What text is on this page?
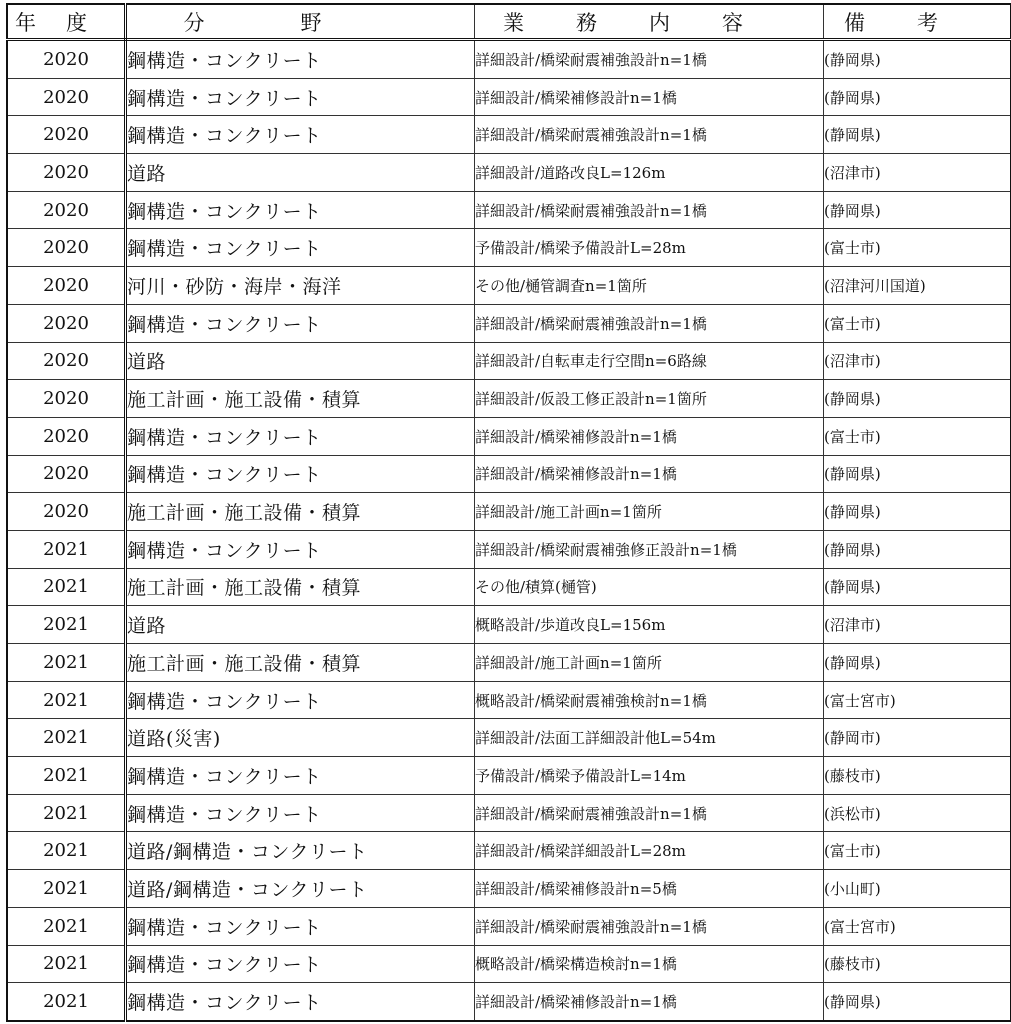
年度	分野	業務内容	備考
2020	鋼構造・コンクリート	詳細設計/橋梁耐震補強設計n=1橋	(静岡県)
2020	鋼構造・コンクリート	詳細設計/橋梁補修設計n=1橋	(静岡県)
2020	鋼構造・コンクリート	詳細設計/橋梁耐震補強設計n=1橋	(静岡県)
2020	道路	詳細設計/道路改良L=126m	(沼津市)
2020	鋼構造・コンクリート	詳細設計/橋梁耐震補強設計n=1橋	(静岡県)
2020	鋼構造・コンクリート	予備設計/橋梁予備設計L=28m	(富士市)
2020	河川・砂防・海岸・海洋	その他/樋管調査n=1箇所	(沼津河川国道)
2020	鋼構造・コンクリート	詳細設計/橋梁耐震補強設計n=1橋	(富士市)
2020	道路	詳細設計/自転車走行空間n=6路線	(沼津市)
2020	施工計画・施工設備・積算	詳細設計/仮設工修正設計n=1箇所	(静岡県)
2020	鋼構造・コンクリート	詳細設計/橋梁補修設計n=1橋	(富士市)
2020	鋼構造・コンクリート	詳細設計/橋梁補修設計n=1橋	(静岡県)
2020	施工計画・施工設備・積算	詳細設計/施工計画n=1箇所	(静岡県)
2021	鋼構造・コンクリート	詳細設計/橋梁耐震補強修正設計n=1橋	(静岡県)
2021	施工計画・施工設備・積算	その他/積算(樋管)	(静岡県)
2021	道路	概略設計/歩道改良L=156m	(沼津市)
2021	施工計画・施工設備・積算	詳細設計/施工計画n=1箇所	(静岡県)
2021	鋼構造・コンクリート	概略設計/橋梁耐震補強検討n=1橋	(富士宮市)
2021	道路(災害)	詳細設計/法面工詳細設計他L=54m	(静岡市)
2021	鋼構造・コンクリート	予備設計/橋梁予備設計L=14m	(藤枝市)
2021	鋼構造・コンクリート	詳細設計/橋梁耐震補強設計n=1橋	(浜松市)
2021	道路/鋼構造・コンクリート	詳細設計/橋梁詳細設計L=28m	(富士市)
2021	道路/鋼構造・コンクリート	詳細設計/橋梁補修設計n=5橋	(小山町)
2021	鋼構造・コンクリート	詳細設計/橋梁耐震補強設計n=1橋	(富士宮市)
2021	鋼構造・コンクリート	概略設計/橋梁構造検討n=1橋	(藤枝市)
2021	鋼構造・コンクリート	詳細設計/橋梁補修設計n=1橋	(静岡県)
